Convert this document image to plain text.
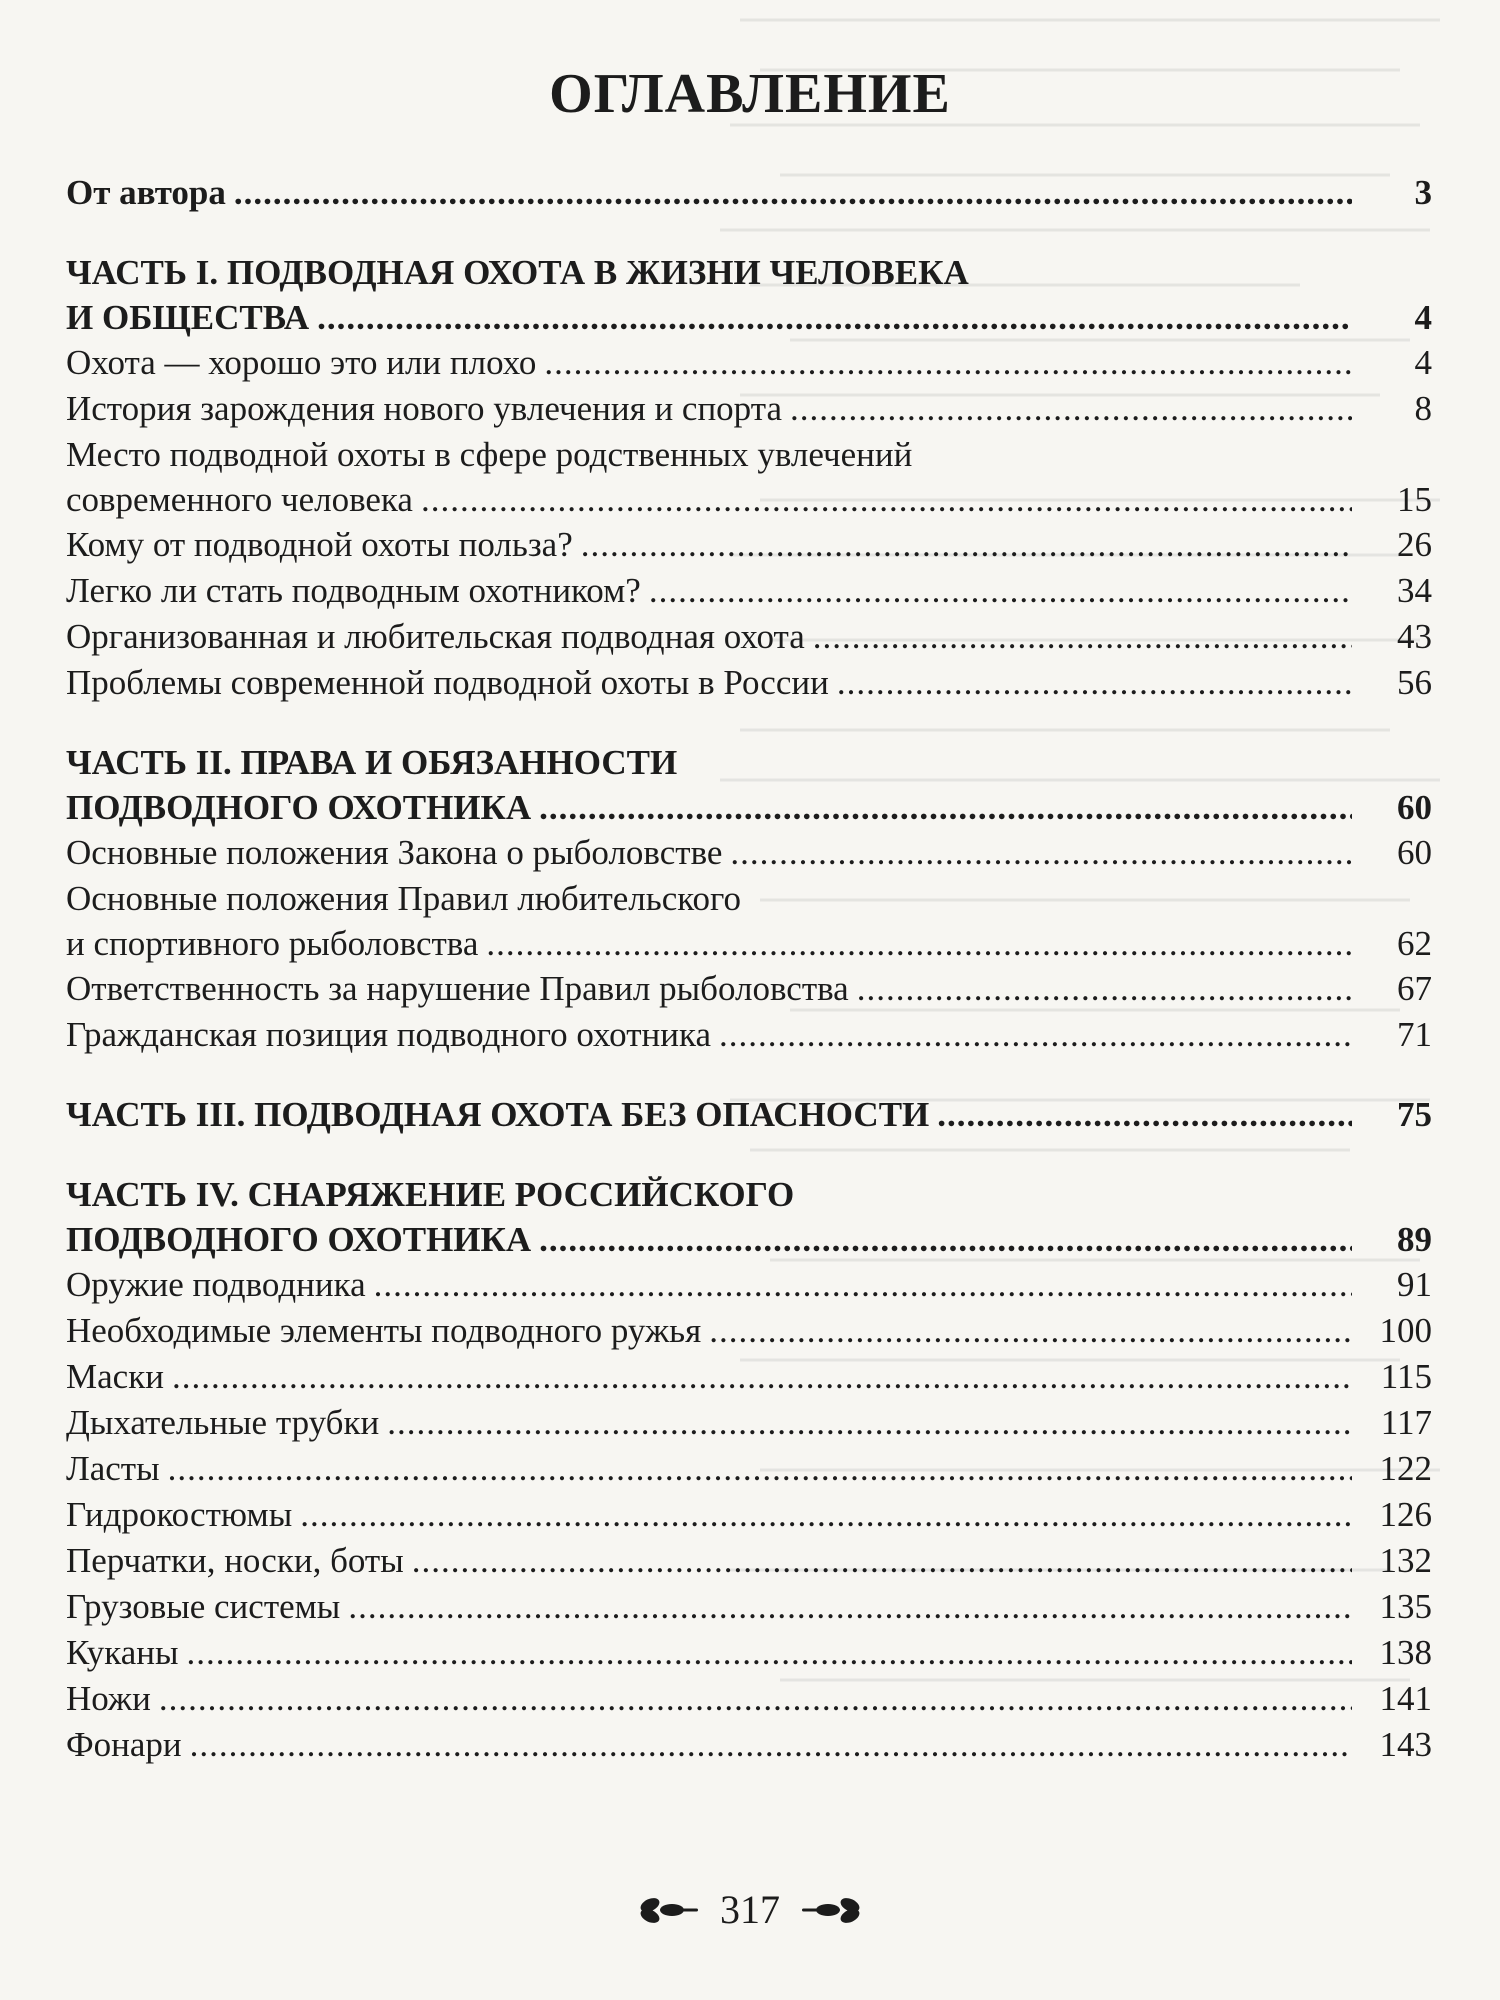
ОГЛАВЛЕНИЕ
От автора .....	3
ЧАСТЬ I. ПОДВОДНАЯ ОХОТА В ЖИЗНИ ЧЕЛОВЕКА
И ОБЩЕСТВА .....	4
Охота — хорошо это или плохо .....	4
История зарождения нового увлечения и спорта .....	8
Место подводной охоты в сфере родственных увлечений
современного человека .....	15
Кому от подводной охоты польза? .....	26
Легко ли стать подводным охотником? .....	34
Организованная и любительская подводная охота .....	43
Проблемы современной подводной охоты в России .....	56
ЧАСТЬ II. ПРАВА И ОБЯЗАННОСТИ
ПОДВОДНОГО ОХОТНИКА .....	60
Основные положения Закона о рыболовстве .....	60
Основные положения Правил любительского
и спортивного рыболовства .....	62
Ответственность за нарушение Правил рыболовства .....	67
Гражданская позиция подводного охотника .....	71
ЧАСТЬ III. ПОДВОДНАЯ ОХОТА БЕЗ ОПАСНОСТИ .....	75
ЧАСТЬ IV. СНАРЯЖЕНИЕ РОССИЙСКОГО
ПОДВОДНОГО ОХОТНИКА .....	89
Оружие подводника .....	91
Необходимые элементы подводного ружья .....	100
Маски .....	115
Дыхательные трубки .....	117
Ласты .....	122
Гидрокостюмы .....	126
Перчатки, носки, боты .....	132
Грузовые системы .....	135
Куканы .....	138
Ножи .....	141
Фонари .....	143
317
